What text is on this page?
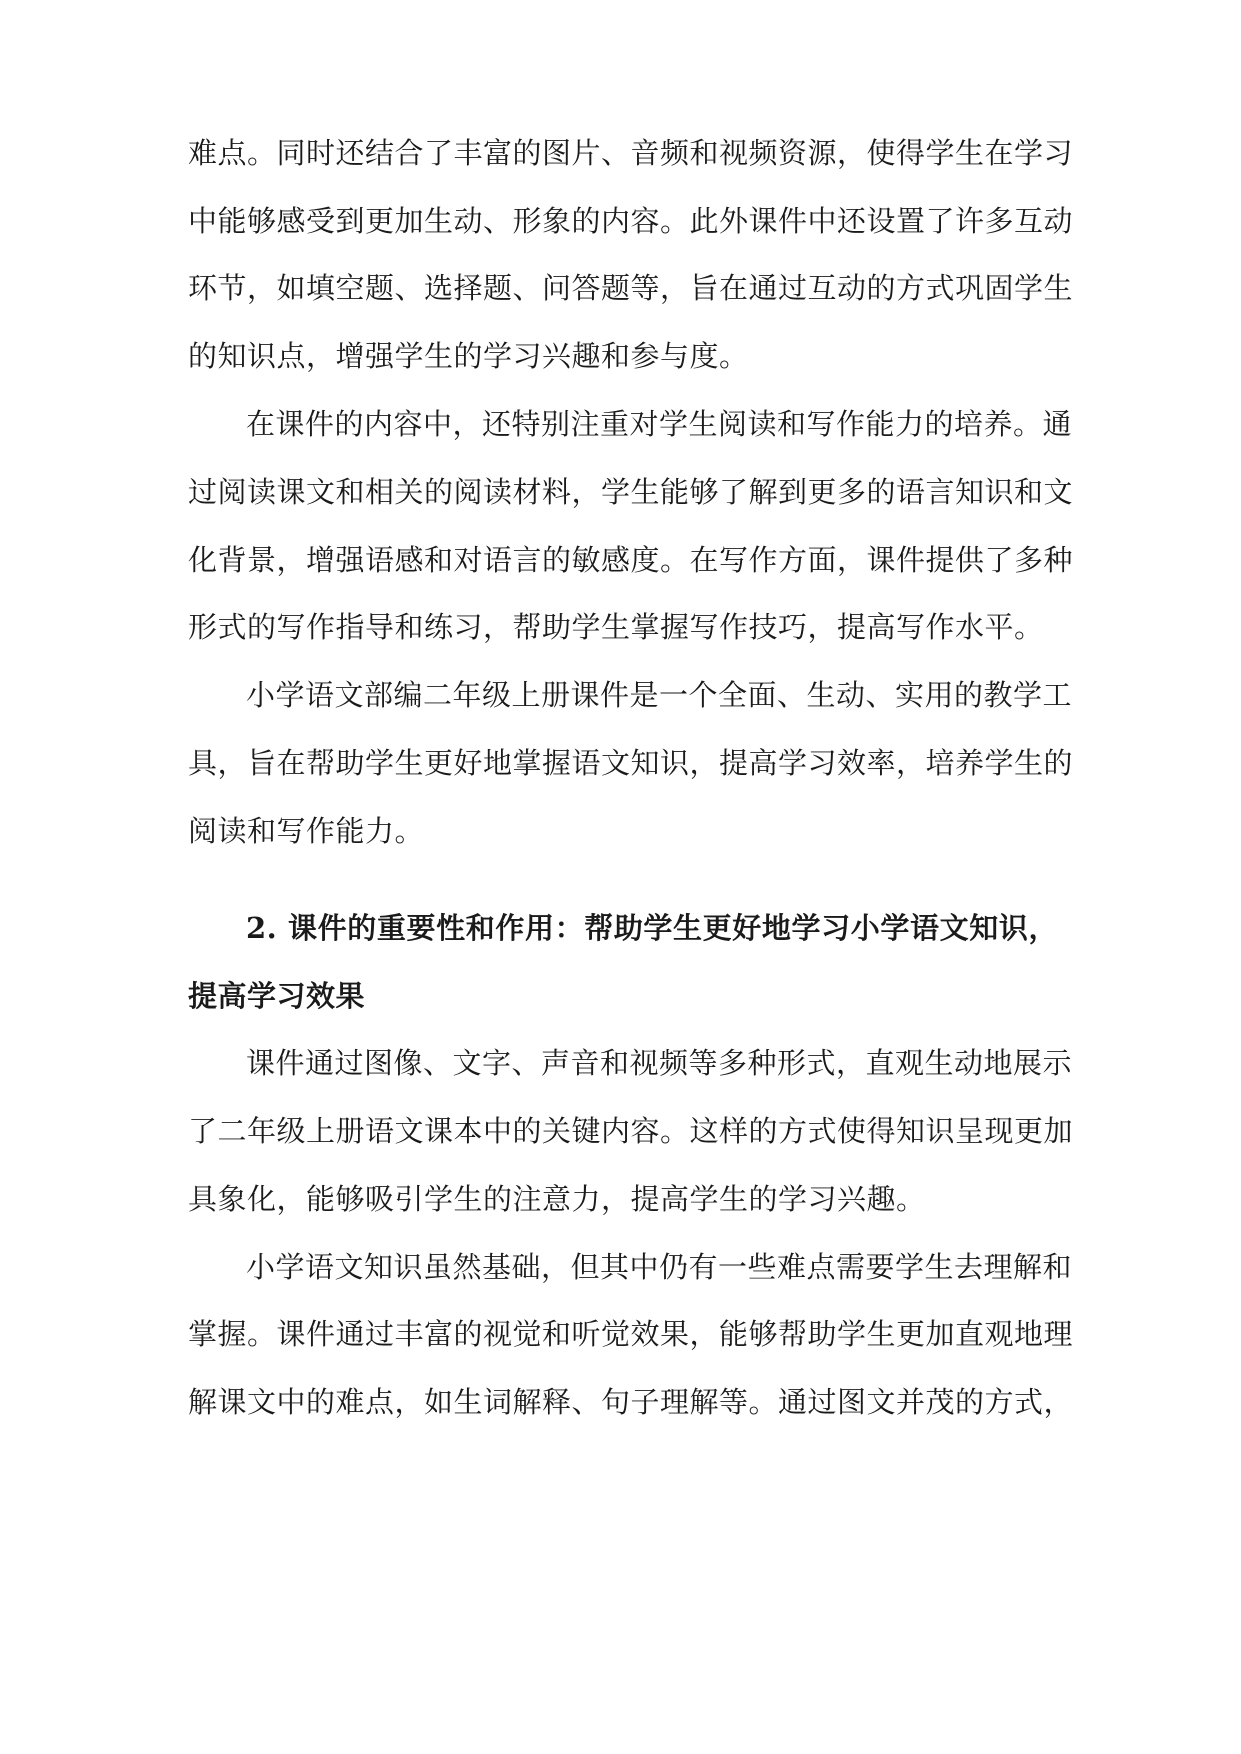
难点。同时还结合了丰富的图片、音频和视频资源，使得学生在学习
中能够感受到更加生动、形象的内容。此外课件中还设置了许多互动
环节，如填空题、选择题、问答题等，旨在通过互动的方式巩固学生
的知识点，增强学生的学习兴趣和参与度。
在课件的内容中，还特别注重对学生阅读和写作能力的培养。通
过阅读课文和相关的阅读材料，学生能够了解到更多的语言知识和文
化背景，增强语感和对语言的敏感度。在写作方面，课件提供了多种
形式的写作指导和练习，帮助学生掌握写作技巧，提高写作水平。
小学语文部编二年级上册课件是一个全面、生动、实用的教学工
具，旨在帮助学生更好地掌握语文知识，提高学习效率，培养学生的
阅读和写作能力。
2. 课件的重要性和作用：帮助学生更好地学习小学语文知识，
提高学习效果
课件通过图像、文字、声音和视频等多种形式，直观生动地展示
了二年级上册语文课本中的关键内容。这样的方式使得知识呈现更加
具象化，能够吸引学生的注意力，提高学生的学习兴趣。
小学语文知识虽然基础，但其中仍有一些难点需要学生去理解和
掌握。课件通过丰富的视觉和听觉效果，能够帮助学生更加直观地理
解课文中的难点，如生词解释、句子理解等。通过图文并茂的方式，
